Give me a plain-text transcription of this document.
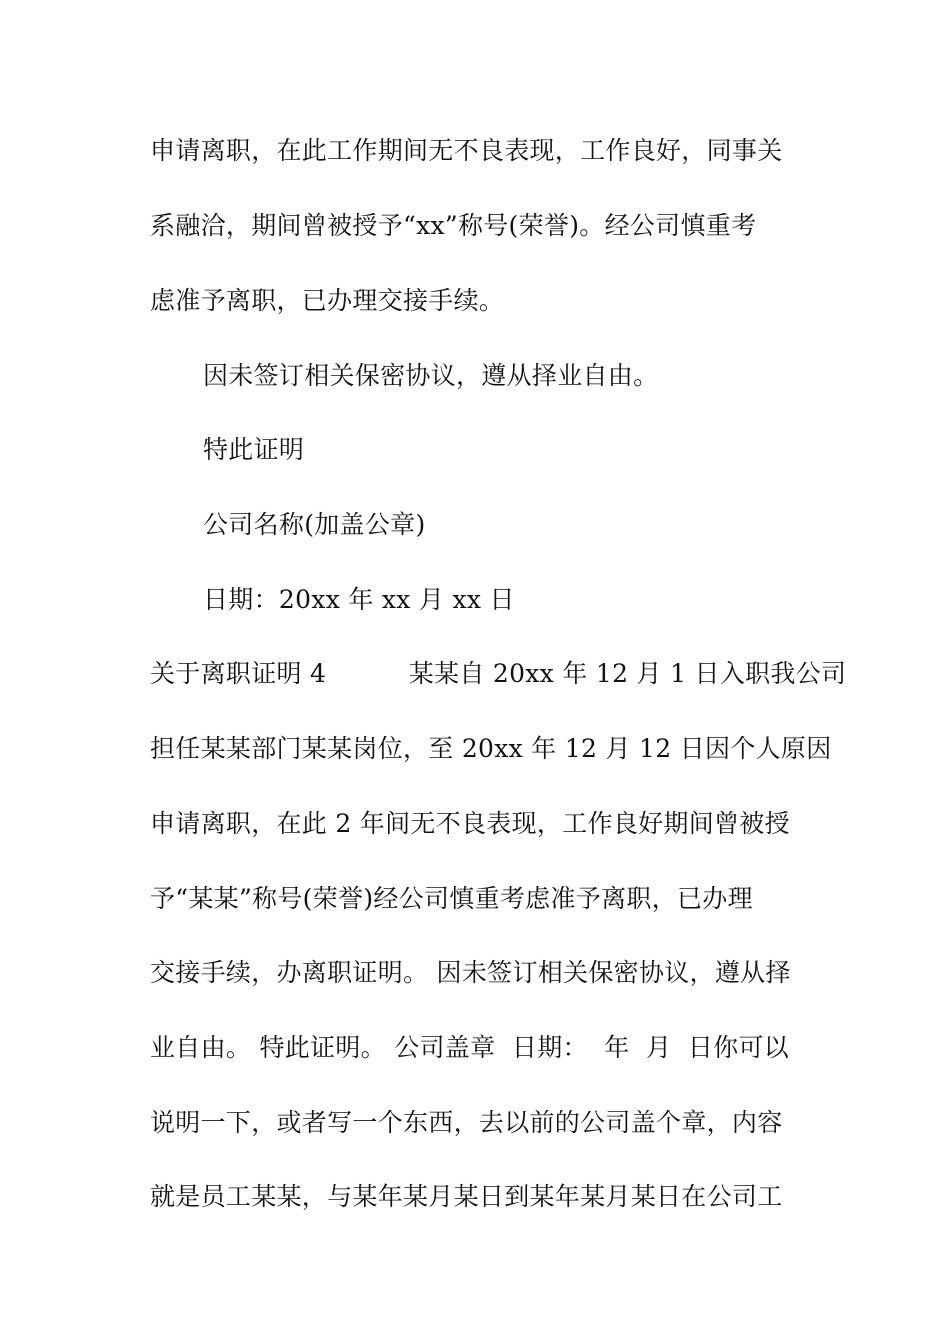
申请离职，在此工作期间无不良表现，工作良好，同事关
系融洽，期间曾被授予“xx”称号(荣誉)。经公司慎重考
虑准予离职，已办理交接手续。
因未签订相关保密协议，遵从择业自由。
特此证明
公司名称(加盖公章)
日期：20xx 年 xx 月 xx 日
关于离职证明 4          某某自 20xx 年 12 月 1 日入职我公司
担任某某部门某某岗位，至 20xx 年 12 月 12 日因个人原因
申请离职，在此 2 年间无不良表现，工作良好期间曾被授
予“某某”称号(荣誉)经公司慎重考虑准予离职，已办理
交接手续，办离职证明。 因未签订相关保密协议，遵从择
业自由。 特此证明。 公司盖章  日期：  年  月  日你可以
说明一下，或者写一个东西，去以前的公司盖个章，内容
就是员工某某，与某年某月某日到某年某月某日在公司工
